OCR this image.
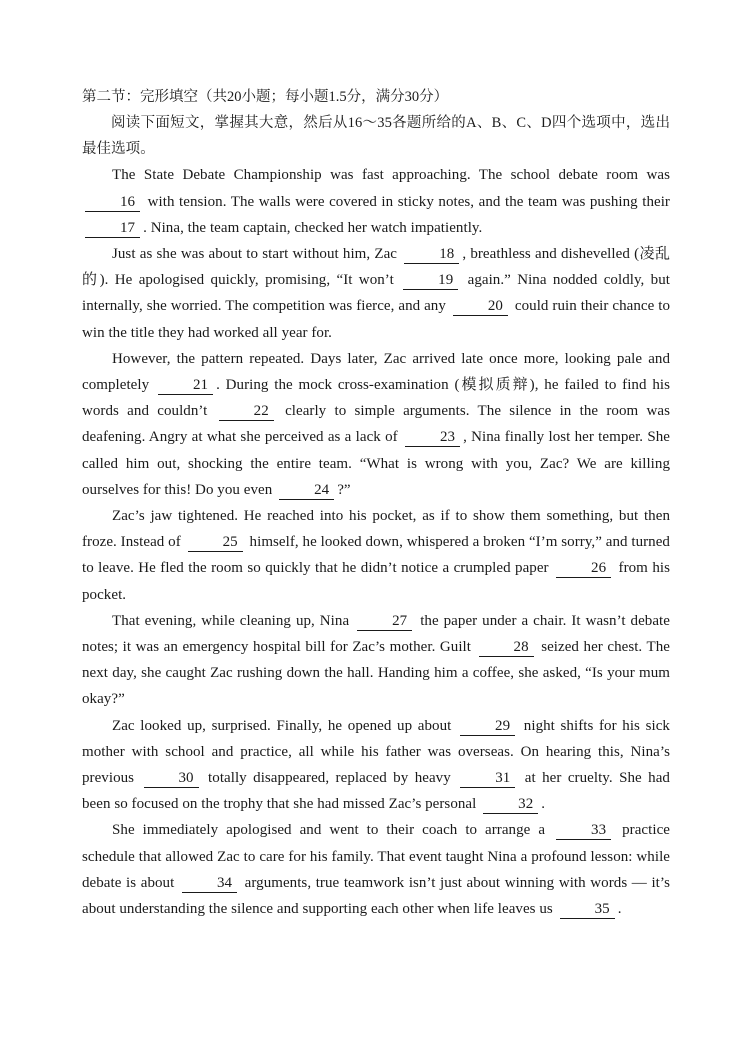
第二节：完形填空（共20小题；每小题1.5分，满分30分）

阅读下面短文，掌握其大意，然后从16～35各题所给的A、B、C、D四个选项中，选出最佳选项。

The State Debate Championship was fast approaching. The school debate room was 16 with tension. The walls were covered in sticky notes, and the team was pushing their 17 . Nina, the team captain, checked her watch impatiently.

Just as she was about to start without him, Zac	18 , breathless and dishevelled (凌乱的). He apologised quickly, promising, “It won’t	19 again.” Nina nodded coldly, but internally, she worried. The competition was fierce, and any	20 could ruin their chance to win the title they had worked all year for.

However, the pattern repeated. Days later, Zac arrived late once more, looking pale and completely	21 . During the mock cross-examination (模拟质辩), he failed to find his words and couldn’t	22 clearly to simple arguments. The silence in the room was deafening. Angry at what she perceived as a lack of	23 , Nina finally lost her temper. She called him out, shocking the entire team. “What is wrong with you, Zac? We are killing ourselves for this! Do you even	24 ?”

Zac’s jaw tightened. He reached into his pocket, as if to show them something, but then froze. Instead of	25 himself, he looked down, whispered a broken “I’m sorry,” and turned to leave. He fled the room so quickly that he didn’t notice a crumpled paper	26 from his pocket.

That evening, while cleaning up, Nina	27 the paper under a chair. It wasn’t debate notes; it was an emergency hospital bill for Zac’s mother. Guilt	28 seized her chest. The next day, she caught Zac rushing down the hall. Handing him a coffee, she asked, “Is your mum okay?”

Zac looked up, surprised. Finally, he opened up about	29 night shifts for his sick mother with school and practice, all while his father was overseas. On hearing this, Nina’s previous	30 totally disappeared, replaced by heavy	31 at her cruelty. She had been so focused on the trophy that she had missed Zac’s personal	32 .

She immediately apologised and went to their coach to arrange a	33 practice schedule that allowed Zac to care for his family. That event taught Nina a profound lesson: while debate is about	34 arguments, true teamwork isn’t just about winning with words — it’s about understanding the silence and supporting each other when life leaves us	35 .
